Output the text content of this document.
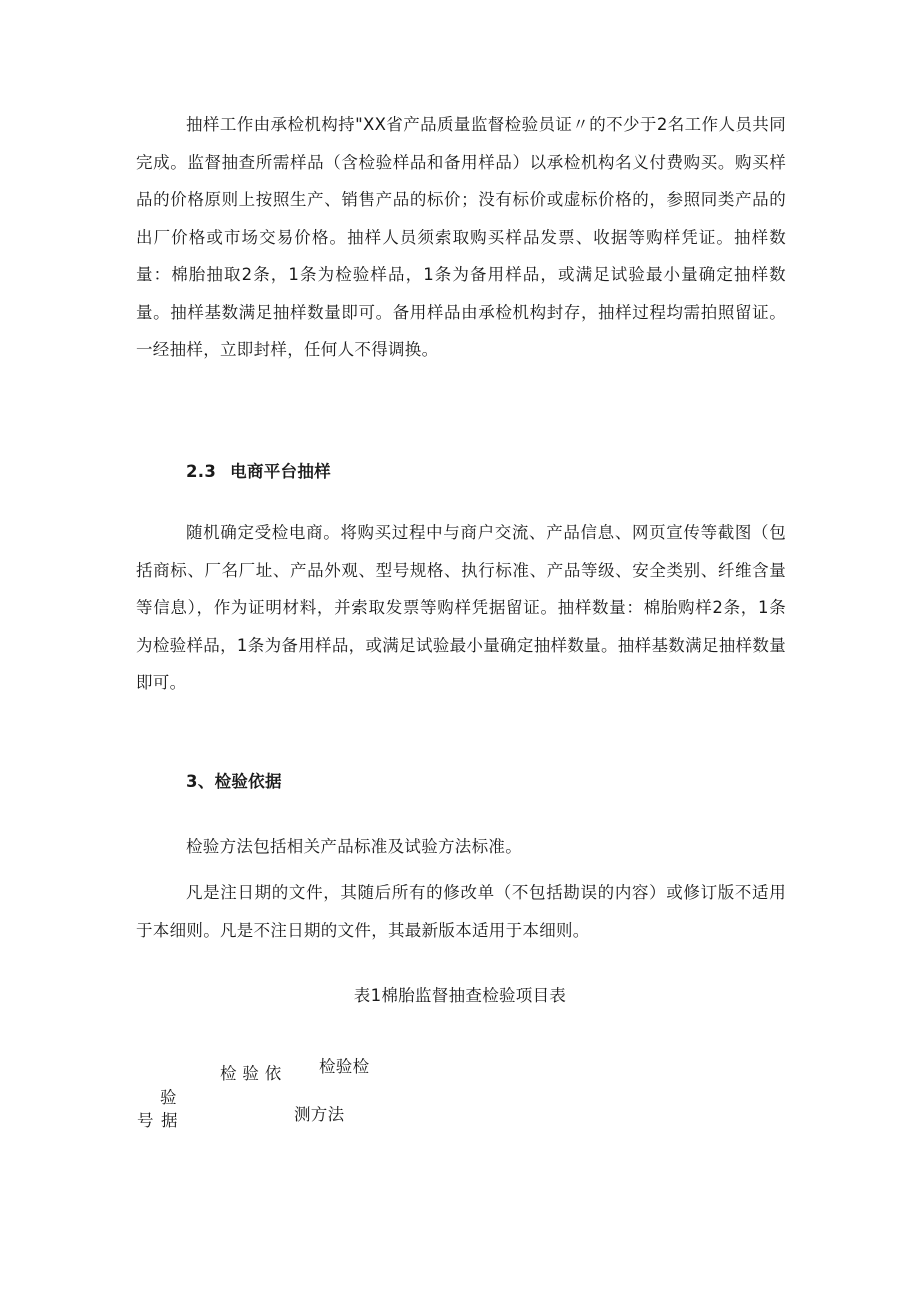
抽样工作由承检机构持"XX省产品质量监督检验员证〃的不少于2名工作人员共同完成。监督抽查所需样品（含检验样品和备用样品）以承检机构名义付费购买。购买样品的价格原则上按照生产、销售产品的标价；没有标价或虚标价格的，参照同类产品的出厂价格或市场交易价格。抽样人员须索取购买样品发票、收据等购样凭证。抽样数量：棉胎抽取2条，1条为检验样品，1条为备用样品，或满足试验最小量确定抽样数量。抽样基数满足抽样数量即可。备用样品由承检机构封存，抽样过程均需拍照留证。一经抽样，立即封样，任何人不得调换。

2.3 电商平台抽样

随机确定受检电商。将购买过程中与商户交流、产品信息、网页宣传等截图（包括商标、厂名厂址、产品外观、型号规格、执行标准、产品等级、安全类别、纤维含量等信息），作为证明材料，并索取发票等购样凭据留证。抽样数量：棉胎购样2条，1条为检验样品，1条为备用样品，或满足试验最小量确定抽样数量。抽样基数满足抽样数量即可。

3、检验依据

检验方法包括相关产品标准及试验方法标准。

凡是注日期的文件，其随后所有的修改单（不包括勘误的内容）或修订版不适用于本细则。凡是不注日期的文件，其最新版本适用于本细则。

表1棉胎监督抽查检验项目表

检 验 依 检验检
验
号 据	测方法
